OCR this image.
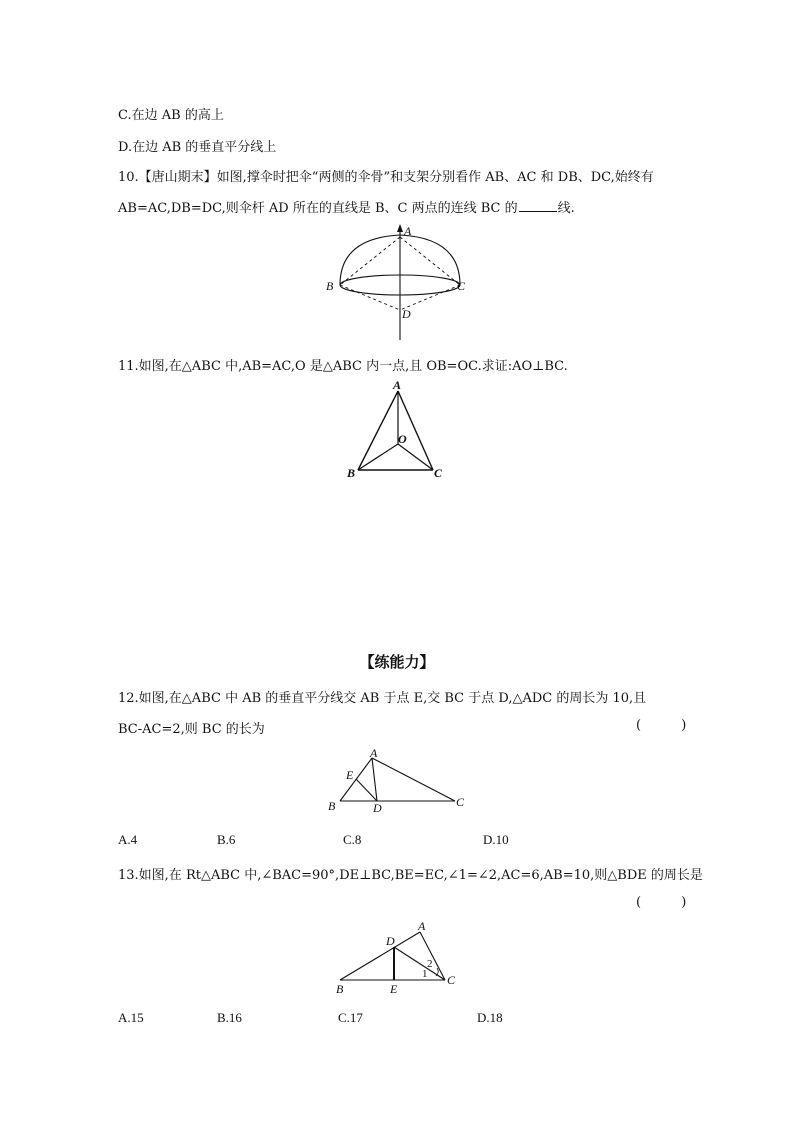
C.在边 AB 的高上
D.在边 AB 的垂直平分线上
10.【唐山期末】如图,撑伞时把伞“两侧的伞骨”和支架分别看作 AB、AC 和 DB、DC,始终有
AB=AC,DB=DC,则伞杆 AD 所在的直线是 B、C 两点的连线 BC 的	线.
A
B	C
D
11.如图,在△ABC 中,AB=AC,O 是△ABC 内一点,且 OB=OC.求证:AO⊥BC.
A
B	C
O
【练能力】
12.如图,在△ABC 中 AB 的垂直平分线交 AB 于点 E,交 BC 于点 D,△ADC 的周长为 10,且
BC-AC=2,则 BC 的长为	( )
A
E
B	D	C
A.4	B.6	C.8	D.10
13.如图,在 Rt△ABC 中,∠BAC=90°,DE⊥BC,BE=EC,∠1=∠2,AC=6,AB=10,则△BDE 的周长是
( )
D
A
2
1 C
B	E
A.15	B.16	C.17	D.18
